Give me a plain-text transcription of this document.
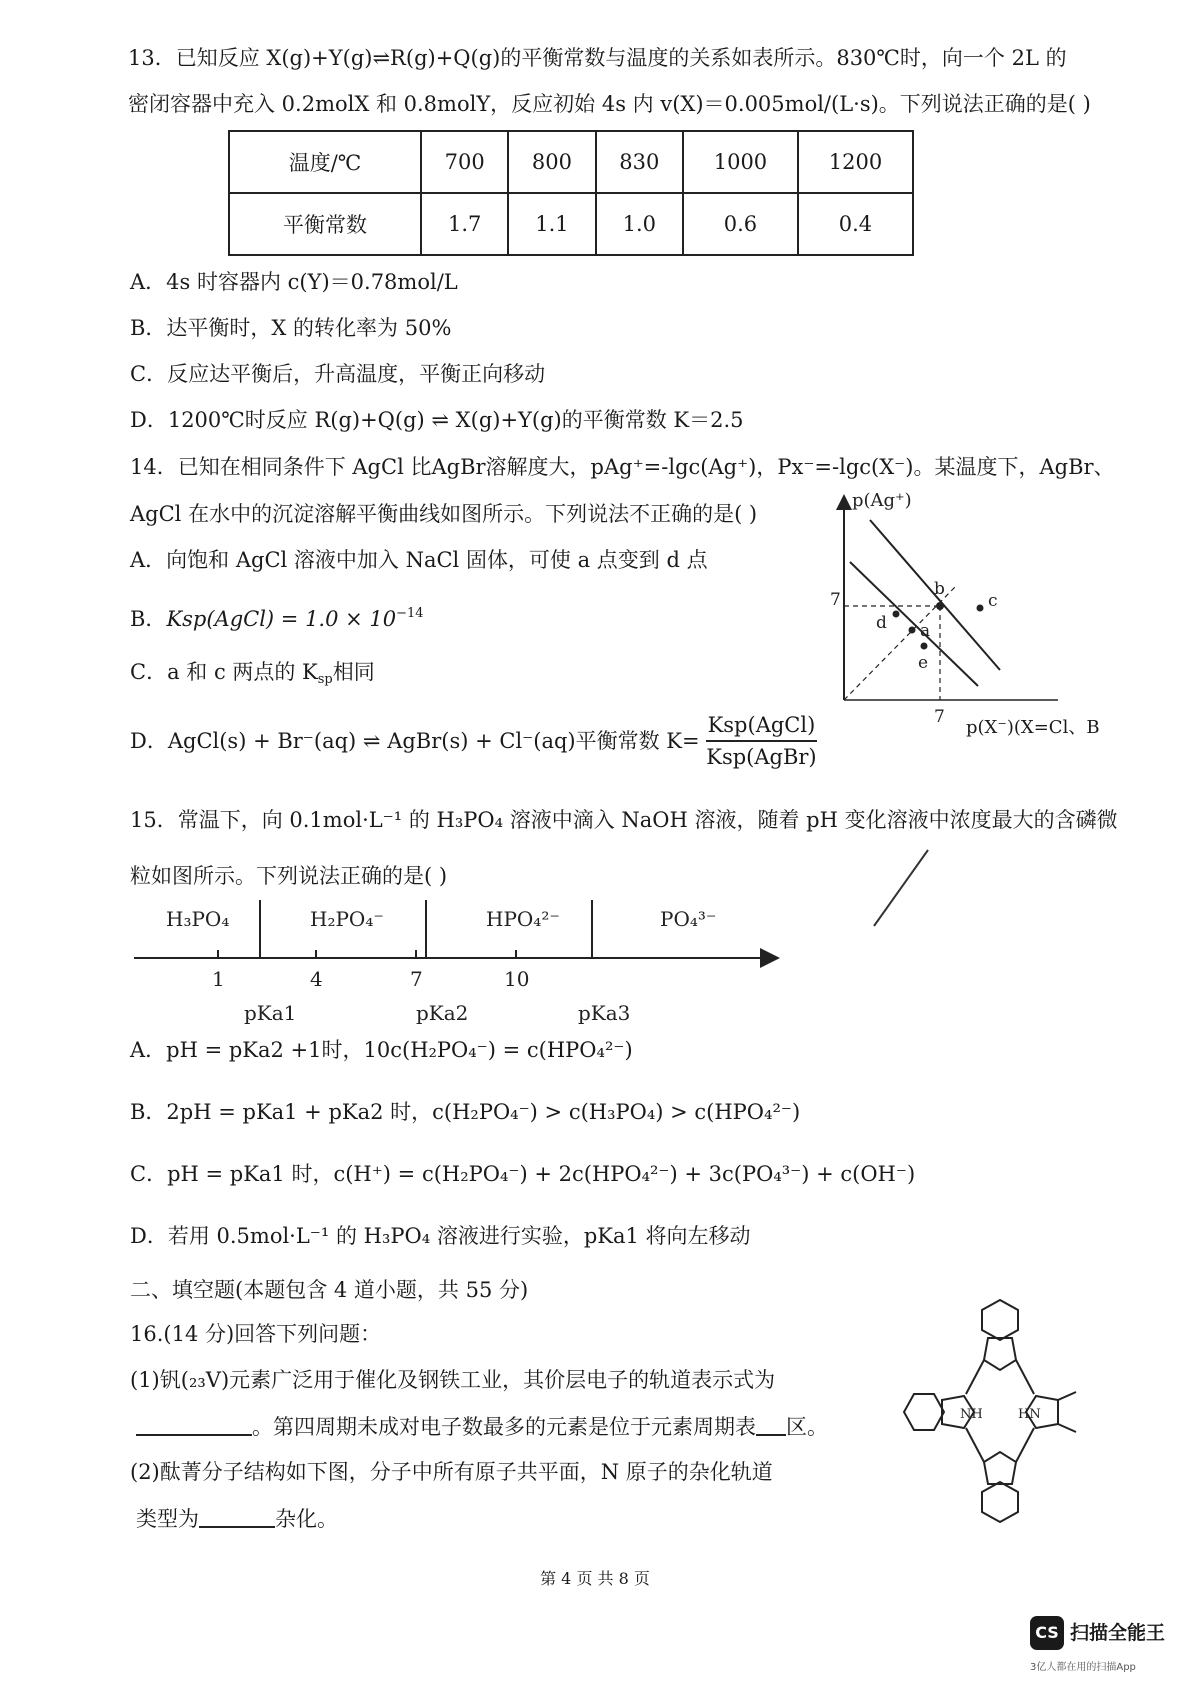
13．已知反应 X(g)+Y(g)⇌R(g)+Q(g)的平衡常数与温度的关系如表所示。830℃时，向一个 2L 的
密闭容器中充入 0.2molX 和 0.8molY，反应初始 4s 内 v(X)＝0.005mol/(L·s)。下列说法正确的是( )
温度/℃	700	800	830	1000	1200
平衡常数	1.7	1.1	1.0	0.6	0.4
A．4s 时容器内 c(Y)＝0.78mol/L
B．达平衡时，X 的转化率为 50%
C．反应达平衡后，升高温度，平衡正向移动
D．1200℃时反应 R(g)+Q(g) ⇌ X(g)+Y(g)的平衡常数 K＝2.5
14．已知在相同条件下 AgCl 比AgBr溶解度大，pAg⁺=-lgc(Ag⁺)，Px⁻=-lgc(X⁻)。某温度下，AgBr、
AgCl 在水中的沉淀溶解平衡曲线如图所示。下列说法不正确的是( )
A．向饱和 AgCl 溶液中加入 NaCl 固体，可使 a 点变到 d 点
B．Ksp(AgCl) = $1.0 \times 10^{-14}$
C．a 和 c 两点的 $K_{sp}$相同
D．AgCl(s) + Br⁻(aq) ⇌ AgBr(s) + Cl⁻(aq)平衡常数 $K= \frac{\text{Ksp(AgCl)}}{\text{Ksp(AgBr)}}$
p(Ag⁺)
7
7
b
d a
e
c
p(X⁻)(X=Cl、B
15．常温下，向 0.1mol·L⁻¹ 的 H₃PO₄ 溶液中滴入 NaOH 溶液，随着 pH 变化溶液中浓度最大的含磷微
粒如图所示。下列说法正确的是( )
H₃PO₄	H₂PO₄⁻	HPO₄²⁻	PO₄³⁻
1	4	7	10
pKa1	pKa2	pKa3
A．pH = pKa2 +1时，10c(H₂PO₄⁻) = c(HPO₄²⁻)
B．2pH = pKa1 + pKa2 时，c(H₂PO₄⁻) > c(H₃PO₄) > c(HPO₄²⁻)
C．pH = pKa1 时，c(H⁺) = c(H₂PO₄⁻) + 2c(HPO₄²⁻) + 3c(PO₄³⁻) + c(OH⁻)
D．若用 0.5mol·L⁻¹ 的 H₃PO₄ 溶液进行实验，pKa1 将向左移动
二、填空题(本题包含 4 道小题，共 55 分)
16.(14 分)回答下列问题：
(1)钒(₂₃V)元素广泛用于催化及钢铁工业，其价层电子的轨道表示式为
。第四周期未成对电子数最多的元素是位于元素周期表 区。
(2)酞菁分子结构如下图，分子中所有原子共平面，N 原子的杂化轨道
类型为	杂化。
NH	HN
第 4 页 共 8 页
CS 扫描全能王
3亿人都在用的扫描App
